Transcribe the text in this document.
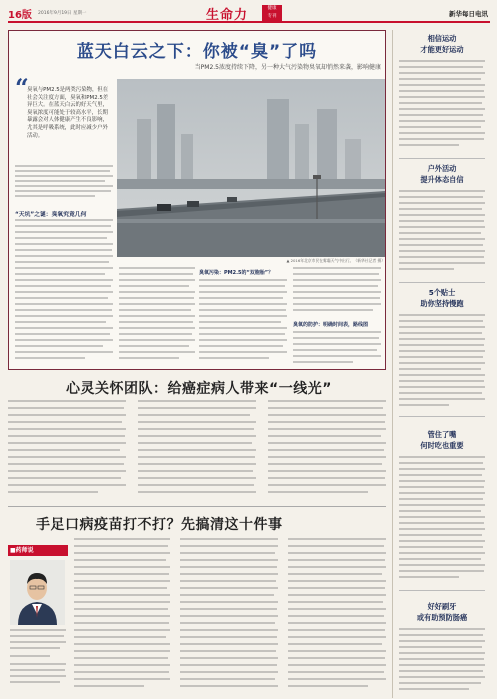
16版 2016年9月19日 星期一	生命力	健康
专刊	新华每日电讯
蓝天白云之下：你被“臭”了吗
当PM2.5浓度持续下降，另一种大气污染物臭氧却悄然来袭，影响健康
“
臭氧与PM2.5是两类污染物，但在社会关注度方面，臭氧和PM2.5差异巨大。在蓝天白云的好天气里，臭氧浓度可能处于较高水平，长期暴露会对人体健康产生不良影响，尤其是呼吸系统，此时应减少户外活动。
▲ 2016年北京市民在雾霾天气中出行。（新华社记者 摄）
“天坑”之谜：臭氧究竟几何
臭氧污染：PM2.5的“双胞胎”？
臭氧的防护：明确时间表，路线图
心灵关怀团队：给癌症病人带来“一线光”
手足口病疫苗打不打？先搞清这十件事
■药师说
相信运动
才能更好运动
户外活动
提升体态自信
5个贴士
助你坚持慢跑
管住了嘴
何时吃也重要
好好刷牙
或有助预防肠癌
